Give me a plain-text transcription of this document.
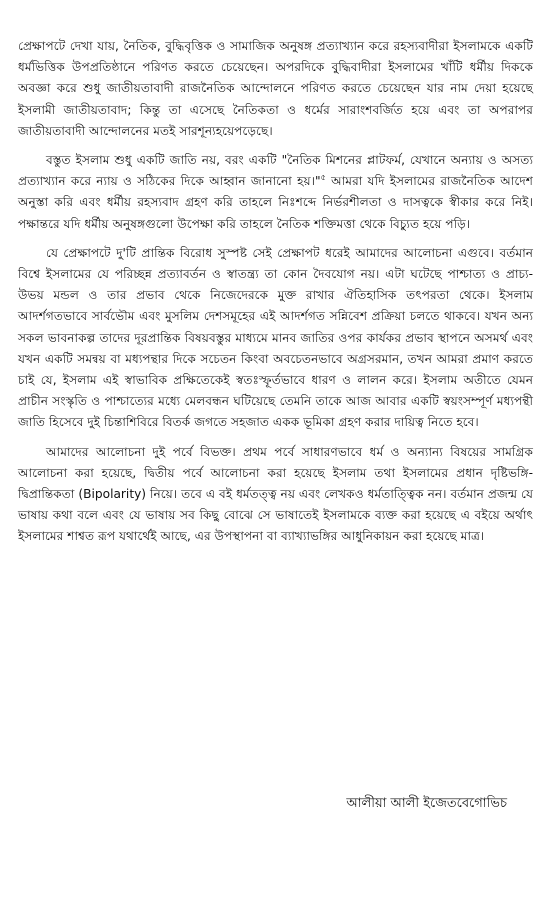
প্রেক্ষাপটে দেখা যায়, নৈতিক, বুদ্ধিবৃত্তিক ও সামাজিক অনুষঙ্গ প্রত্যাখ্যান করে রহস্যবাদীরা ইসলামকে একটি ধর্মভিত্তিক উপপ্রতিষ্ঠানে পরিণত করতে চেয়েছেন। অপরদিকে বুদ্ধিবাদীরা ইসলামের খাঁটি ধর্মীয় দিককে অবজ্ঞা করে শুধু জাতীয়তাবাদী রাজনৈতিক আন্দোলনে পরিণত করতে চেয়েছেন যার নাম দেয়া হয়েছে ইসলামী জাতীয়তাবাদ; কিন্তু তা এসেছে নৈতিকতা ও ধর্মের সারাংশবর্জিত হয়ে এবং তা অপরাপর জাতীয়তাবাদী আন্দোলনের মতই সারশূন্যহয়েপড়েছে।

বস্তুত ইসলাম শুধু একটি জাতি নয়, বরং একটি "নৈতিক মিশনের প্লাটফর্ম, যেখানে অন্যায় ও অসত্য প্রত্যাখ্যান করে ন্যায় ও সঠিকের দিকে আহ্বান জানানো হয়।"$^৫$ আমরা যদি ইসলামের রাজনৈতিক আদেশ অনুস্তা করি এবং ধর্মীয় রহস্যবাদ গ্রহণ করি তাহলে নিঃশব্দে নির্ভরশীলতা ও দাসত্বকে স্বীকার করে নিই। পক্ষান্তরে যদি ধর্মীয় অনুষঙ্গগুলো উপেক্ষা করি তাহলে নৈতিক শক্তিমত্তা থেকে বিচ্যুত হয়ে পড়ি।

যে প্রেক্ষাপটে দু'টি প্রান্তিক বিরোধ সুস্পষ্ট সেই প্রেক্ষাপট ধরেই আমাদের আলোচনা এগুবে। বর্তমান বিশ্বে ইসলামের যে পরিচ্ছন্ন প্রত্যাবর্তন ও স্বাতন্ত্র্য তা কোন দৈবযোগ নয়। এটা ঘটেছে পাশ্চাত্য ও প্রাচ্য- উভয় মন্ডল ও তার প্রভাব থেকে নিজেদেরকে মুক্ত রাখার ঐতিহাসিক তৎপরতা থেকে। ইসলাম আদর্শগতভাবে সার্বভৌম এবং মুসলিম দেশসমূহের এই আদর্শগত সন্নিবেশ প্রক্রিয়া চলতে থাকবে। যখন অন্য সকল ভাবনাকল্প তাদের দূরপ্রান্তিক বিষয়বস্তুর মাধ্যমে মানব জাতির ওপর কার্যকর প্রভাব স্থাপনে অসমর্থ এবং যখন একটি সমন্বয় বা মধ্যপন্থার দিকে সচেতন কিংবা অবচেতনভাবে অগ্রসরমান, তখন আমরা প্রমাণ করতে চাই যে, ইসলাম এই স্বাভাবিক প্রক্ষিতেকেই স্বতঃস্ফূর্তভাবে ধারণ ও লালন করে। ইসলাম অতীতে যেমন প্রাচীন সংস্কৃতি ও পাশ্চাত্যের মধ্যে মেলবন্ধন ঘটিয়েছে তেমনি তাকে আজ আবার একটি স্বয়ংসম্পূর্ণ মধ্যপন্থী জাতি হিসেবে দুই চিন্তাশিবিরে বিতর্ক জগতে সহজাত একক ভূমিকা গ্রহণ করার দায়িত্ব নিতে হবে।

আমাদের আলোচনা দুই পর্বে বিভক্ত। প্রথম পর্বে সাধারণভাবে ধর্ম ও অন্যান্য বিষয়ের সামগ্রিক আলোচনা করা হয়েছে, দ্বিতীয় পর্বে আলোচনা করা হয়েছে ইসলাম তথা ইসলামের প্রধান দৃষ্টিভঙ্গি- দ্বিপ্রান্তিকতা (Bipolarity) নিয়ে। তবে এ বই ধর্মতত্ত্ব নয় এবং লেখকও ধর্মতাত্ত্বিক নন। বর্তমান প্রজন্ম যে ভাষায় কথা বলে এবং যে ভাষায় সব কিছু বোঝে সে ভাষাতেই ইসলামকে ব্যক্ত করা হয়েছে এ বইয়ে অর্থাৎ ইসলামের শাশ্বত রূপ যথার্থেই আছে, এর উপস্থাপনা বা ব্যাখ্যাভঙ্গির আধুনিকায়ন করা হয়েছে মাত্র।

আলীয়া আলী ইজেতবেগোভিচ
